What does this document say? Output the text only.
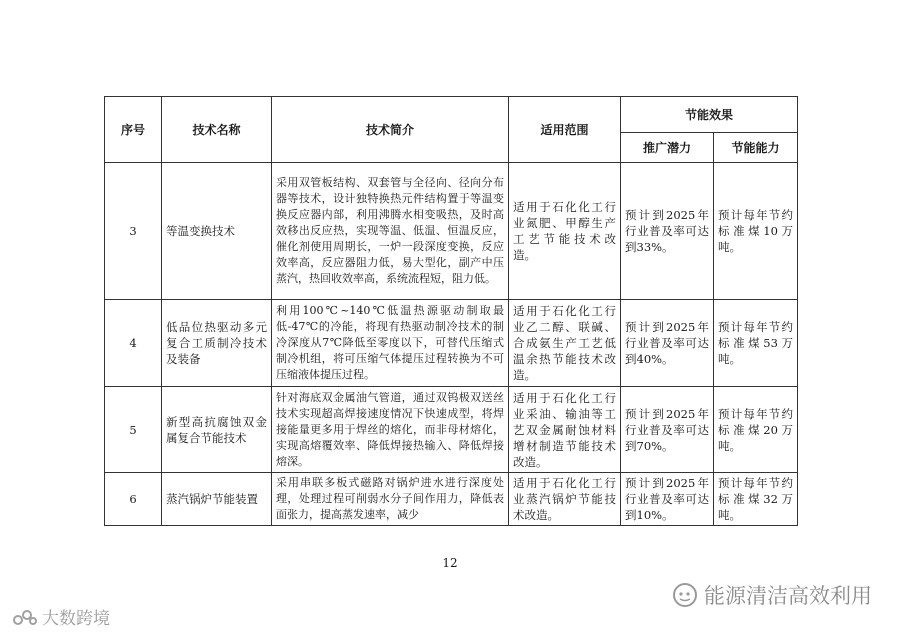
序号	技术名称	技术简介	适用范围	节能效果	
				推广潜力	节能能力
3	等温变换技术	采用双管板结构、双套管与全径向、径向分布器等技术，设计独特换热元件结构置于等温变换反应器内部，利用沸腾水相变吸热，及时高效移出反应热，实现等温、低温、恒温反应，催化剂使用周期长，一炉一段深度变换，反应效率高，反应器阻力低，易大型化，副产中压蒸汽，热回收效率高，系统流程短，阻力低。	适用于石化化工行业氮肥、甲醇生产工艺节能技术改造。	预计到2025年行业普及率可达到33%。	预计每年节约标准煤10万吨。
4	低品位热驱动多元复合工质制冷技术及装备	利用100℃~140℃低温热源驱动制取最低-47℃的冷能，将现有热驱动制冷技术的制冷深度从7℃降低至零度以下，可替代压缩式制冷机组，将可压缩气体提压过程转换为不可压缩液体提压过程。	适用于石化化工行业乙二醇、联碱、合成氨生产工艺低温余热节能技术改造。	预计到2025年行业普及率可达到40%。	预计每年节约标准煤53万吨。
5	新型高抗腐蚀双金属复合节能技术	针对海底双金属油气管道，通过双钨极双送丝技术实现超高焊接速度情况下快速成型，将焊接能量更多用于焊丝的熔化，而非母材熔化，实现高熔覆效率、降低焊接热输入、降低焊接熔深。	适用于石化化工行业采油、输油等工艺双金属耐蚀材料增材制造节能技术改造。	预计到2025年行业普及率可达到70%。	预计每年节约标准煤20万吨。
6	蒸汽锅炉节能装置	采用串联多板式磁路对锅炉进水进行深度处理，处理过程可削弱水分子间作用力，降低表面张力，提高蒸发速率，减少	适用于石化化工行业蒸汽锅炉节能技术改造。	预计到2025年行业普及率可达到10%。	预计每年节约标准煤32万吨。
12
能源清洁高效利用
大数跨境
